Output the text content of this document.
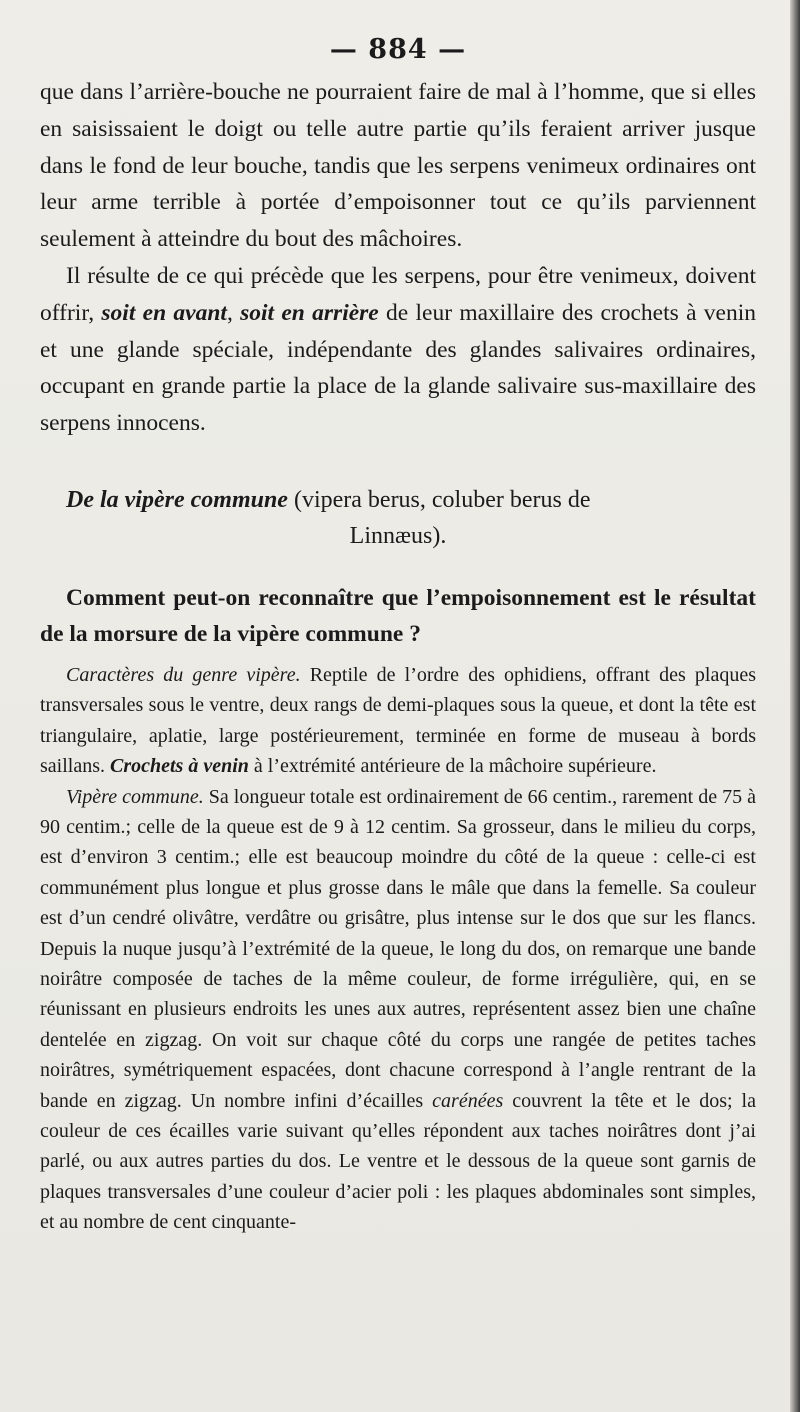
— 884 —

que dans l’arrière-bouche ne pourraient faire de mal à l’homme, que si elles en saisissaient le doigt ou telle autre partie qu’ils feraient arriver jusque dans le fond de leur bouche, tandis que les serpens venimeux ordinaires ont leur arme terrible à portée d’empoisonner tout ce qu’ils parviennent seulement à atteindre du bout des mâchoires.

Il résulte de ce qui précède que les serpens, pour être venimeux, doivent offrir, soit en avant, soit en arrière de leur maxillaire des crochets à venin et une glande spéciale, indépendante des glandes salivaires ordinaires, occupant en grande partie la place de la glande salivaire sus-maxillaire des serpens innocens.

De la vipère commune (vipera berus, coluber berus de
Linnæus).
Comment peut-on reconnaître que l’empoisonnement est le résultat de la morsure de la vipère commune ?

Caractères du genre vipère. Reptile de l’ordre des ophidiens, offrant des plaques transversales sous le ventre, deux rangs de demi-plaques sous la queue, et dont la tête est triangulaire, aplatie, large postérieurement, terminée en forme de museau à bords saillans. Crochets à venin à l’extrémité antérieure de la mâchoire supérieure.

Vipère commune. Sa longueur totale est ordinairement de 66 centim., rarement de 75 à 90 centim.; celle de la queue est de 9 à 12 centim. Sa grosseur, dans le milieu du corps, est d’environ 3 centim.; elle est beaucoup moindre du côté de la queue : celle-ci est communément plus longue et plus grosse dans le mâle que dans la femelle. Sa couleur est d’un cendré olivâtre, verdâtre ou grisâtre, plus intense sur le dos que sur les flancs. Depuis la nuque jusqu’à l’extrémité de la queue, le long du dos, on remarque une bande noirâtre composée de taches de la même couleur, de forme irrégulière, qui, en se réunissant en plusieurs endroits les unes aux autres, représentent assez bien une chaîne dentelée en zigzag. On voit sur chaque côté du corps une rangée de petites taches noirâtres, symétriquement espacées, dont chacune correspond à l’angle rentrant de la bande en zigzag. Un nombre infini d’écailles carénées couvrent la tête et le dos; la couleur de ces écailles varie suivant qu’elles répondent aux taches noirâtres dont j’ai parlé, ou aux autres parties du dos. Le ventre et le dessous de la queue sont garnis de plaques transversales d’une couleur d’acier poli : les plaques abdominales sont simples, et au nombre de cent cinquante-
